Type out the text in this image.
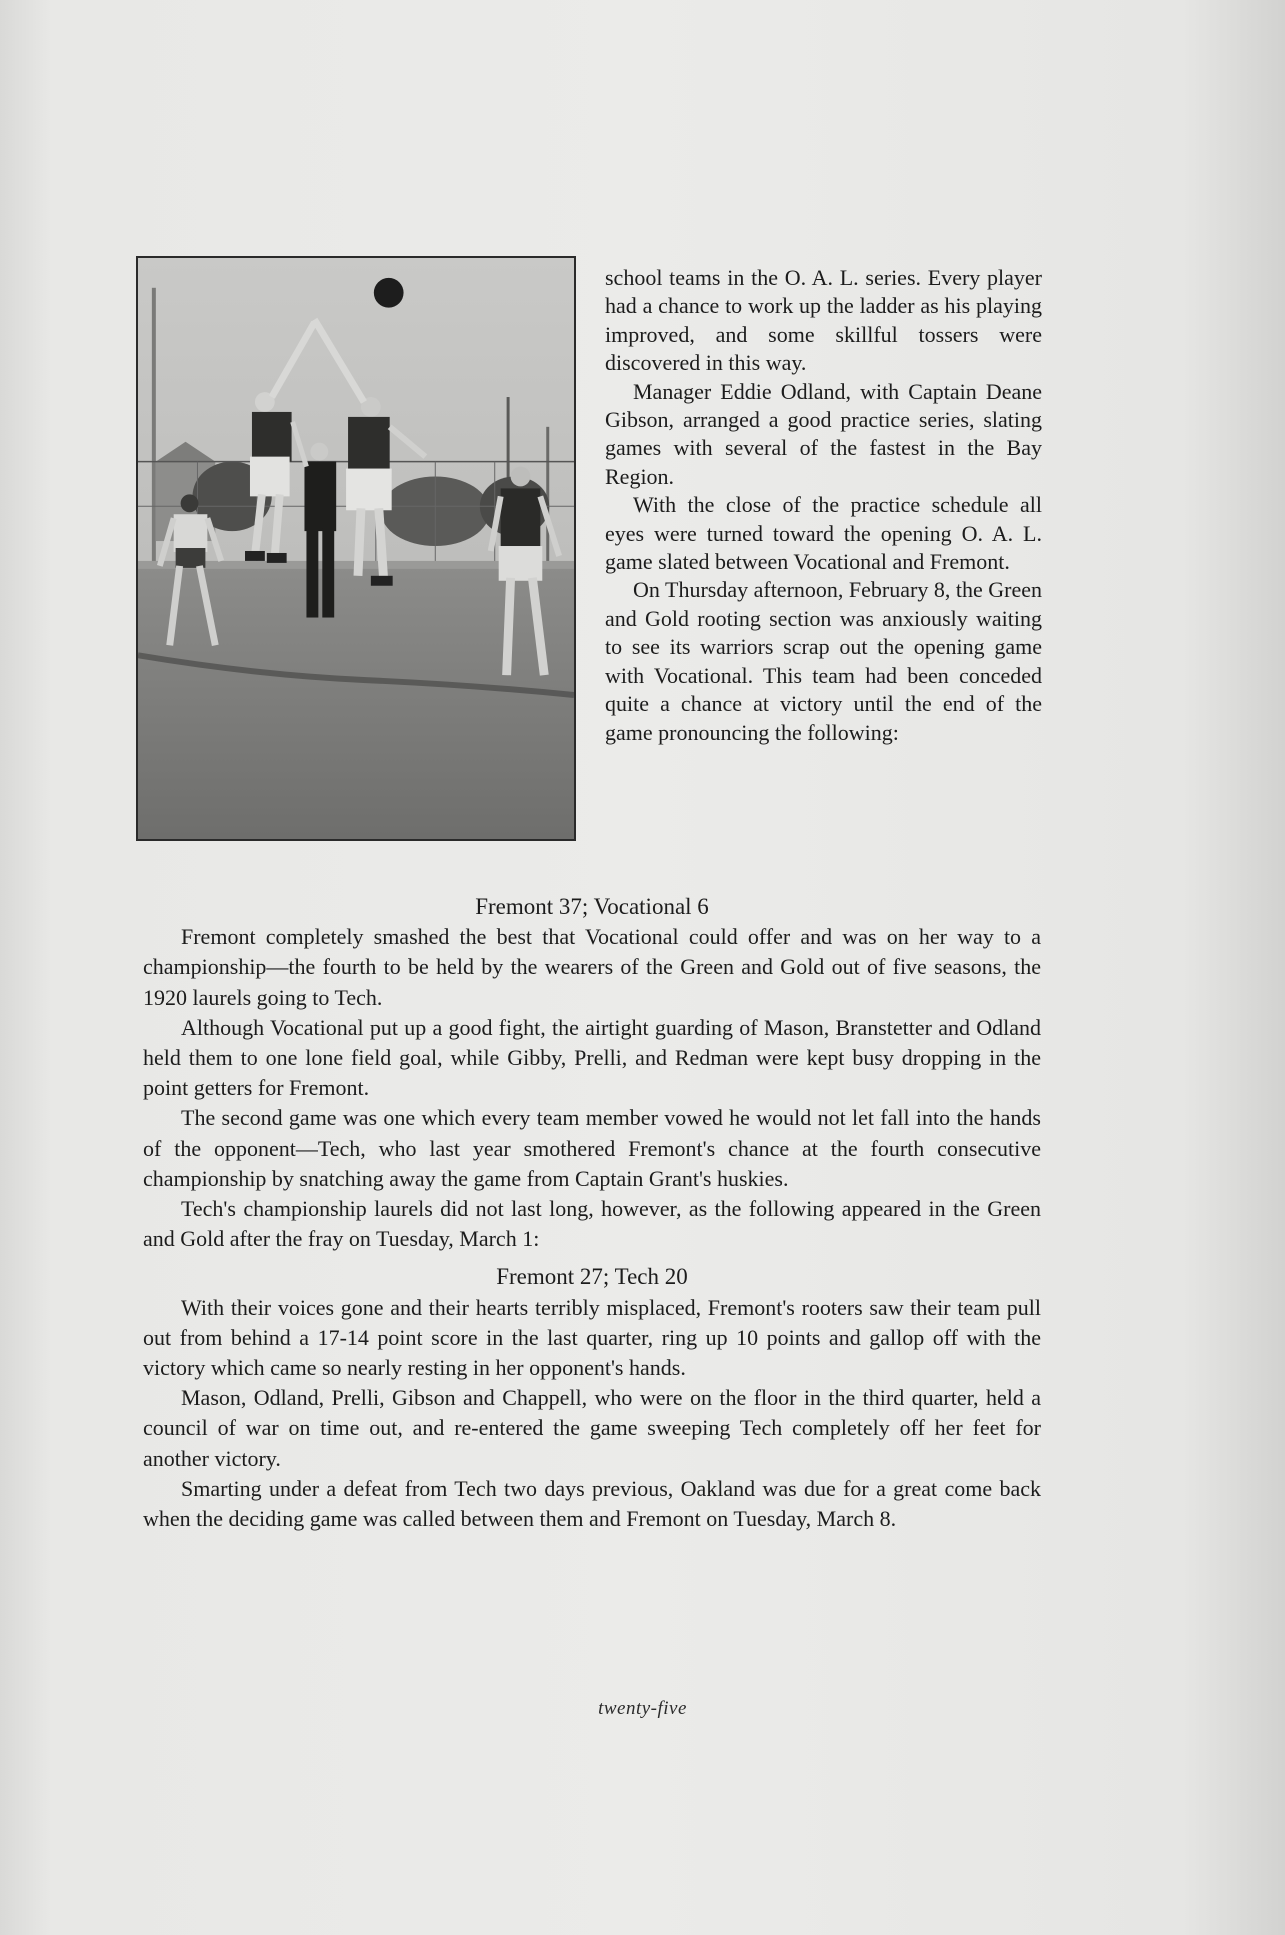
school teams in the O. A. L. series. Every player had a chance to work up the ladder as his playing improved, and some skillful tossers were discovered in this way.

Manager Eddie Odland, with Captain Deane Gibson, arranged a good practice series, slating games with several of the fastest in the Bay Region.

With the close of the practice schedule all eyes were turned toward the opening O. A. L. game slated between Vocational and Fremont.

On Thursday afternoon, February 8, the Green and Gold rooting section was anxiously waiting to see its warriors scrap out the opening game with Vocational. This team had been conceded quite a chance at victory until the end of the game pronouncing the following:

Fremont 37; Vocational 6

Fremont completely smashed the best that Vocational could offer and was on her way to a championship—the fourth to be held by the wearers of the Green and Gold out of five seasons, the 1920 laurels going to Tech.

Although Vocational put up a good fight, the airtight guarding of Mason, Branstetter and Odland held them to one lone field goal, while Gibby, Prelli, and Redman were kept busy dropping in the point getters for Fremont.

The second game was one which every team member vowed he would not let fall into the hands of the opponent—Tech, who last year smothered Fremont's chance at the fourth consecutive championship by snatching away the game from Captain Grant's huskies.

Tech's championship laurels did not last long, however, as the following appeared in the Green and Gold after the fray on Tuesday, March 1:

Fremont 27; Tech 20

With their voices gone and their hearts terribly misplaced, Fremont's rooters saw their team pull out from behind a 17-14 point score in the last quarter, ring up 10 points and gallop off with the victory which came so nearly resting in her opponent's hands.

Mason, Odland, Prelli, Gibson and Chappell, who were on the floor in the third quarter, held a council of war on time out, and re-entered the game sweeping Tech completely off her feet for another victory.

Smarting under a defeat from Tech two days previous, Oakland was due for a great come back when the deciding game was called between them and Fremont on Tuesday, March 8.

twenty-five
